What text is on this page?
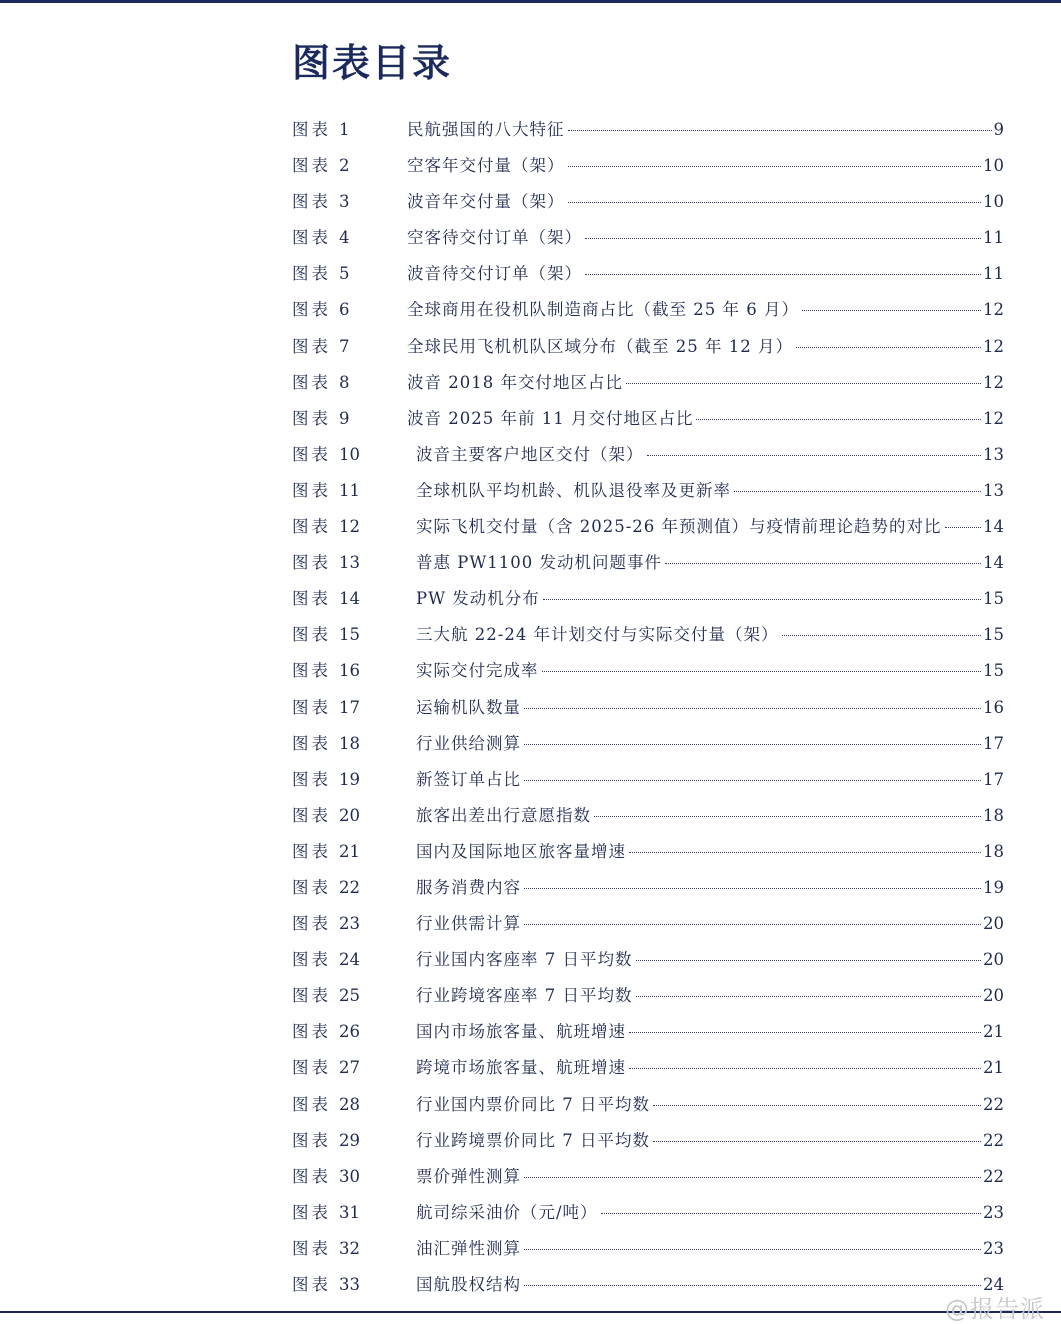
图表目录
图表 1	民航强国的八大特征	9
图表 2	空客年交付量（架）	10
图表 3	波音年交付量（架）	10
图表 4	空客待交付订单（架）	11
图表 5	波音待交付订单（架）	11
图表 6	全球商用在役机队制造商占比（截至 25 年 6 月）	12
图表 7	全球民用飞机机队区域分布（截至 25 年 12 月）	12
图表 8	波音 2018 年交付地区占比	12
图表 9	波音 2025 年前 11 月交付地区占比	12
图表 10	波音主要客户地区交付（架）	13
图表 11	全球机队平均机龄、机队退役率及更新率	13
图表 12	实际飞机交付量（含 2025-26 年预测值）与疫情前理论趋势的对比	14
图表 13	普惠 PW1100 发动机问题事件	14
图表 14	PW 发动机分布	15
图表 15	三大航 22-24 年计划交付与实际交付量（架）	15
图表 16	实际交付完成率	15
图表 17	运输机队数量	16
图表 18	行业供给测算	17
图表 19	新签订单占比	17
图表 20	旅客出差出行意愿指数	18
图表 21	国内及国际地区旅客量增速	18
图表 22	服务消费内容	19
图表 23	行业供需计算	20
图表 24	行业国内客座率 7 日平均数	20
图表 25	行业跨境客座率 7 日平均数	20
图表 26	国内市场旅客量、航班增速	21
图表 27	跨境市场旅客量、航班增速	21
图表 28	行业国内票价同比 7 日平均数	22
图表 29	行业跨境票价同比 7 日平均数	22
图表 30	票价弹性测算	22
图表 31	航司综采油价（元/吨）	23
图表 32	油汇弹性测算	23
图表 33	国航股权结构	24
@报告派
